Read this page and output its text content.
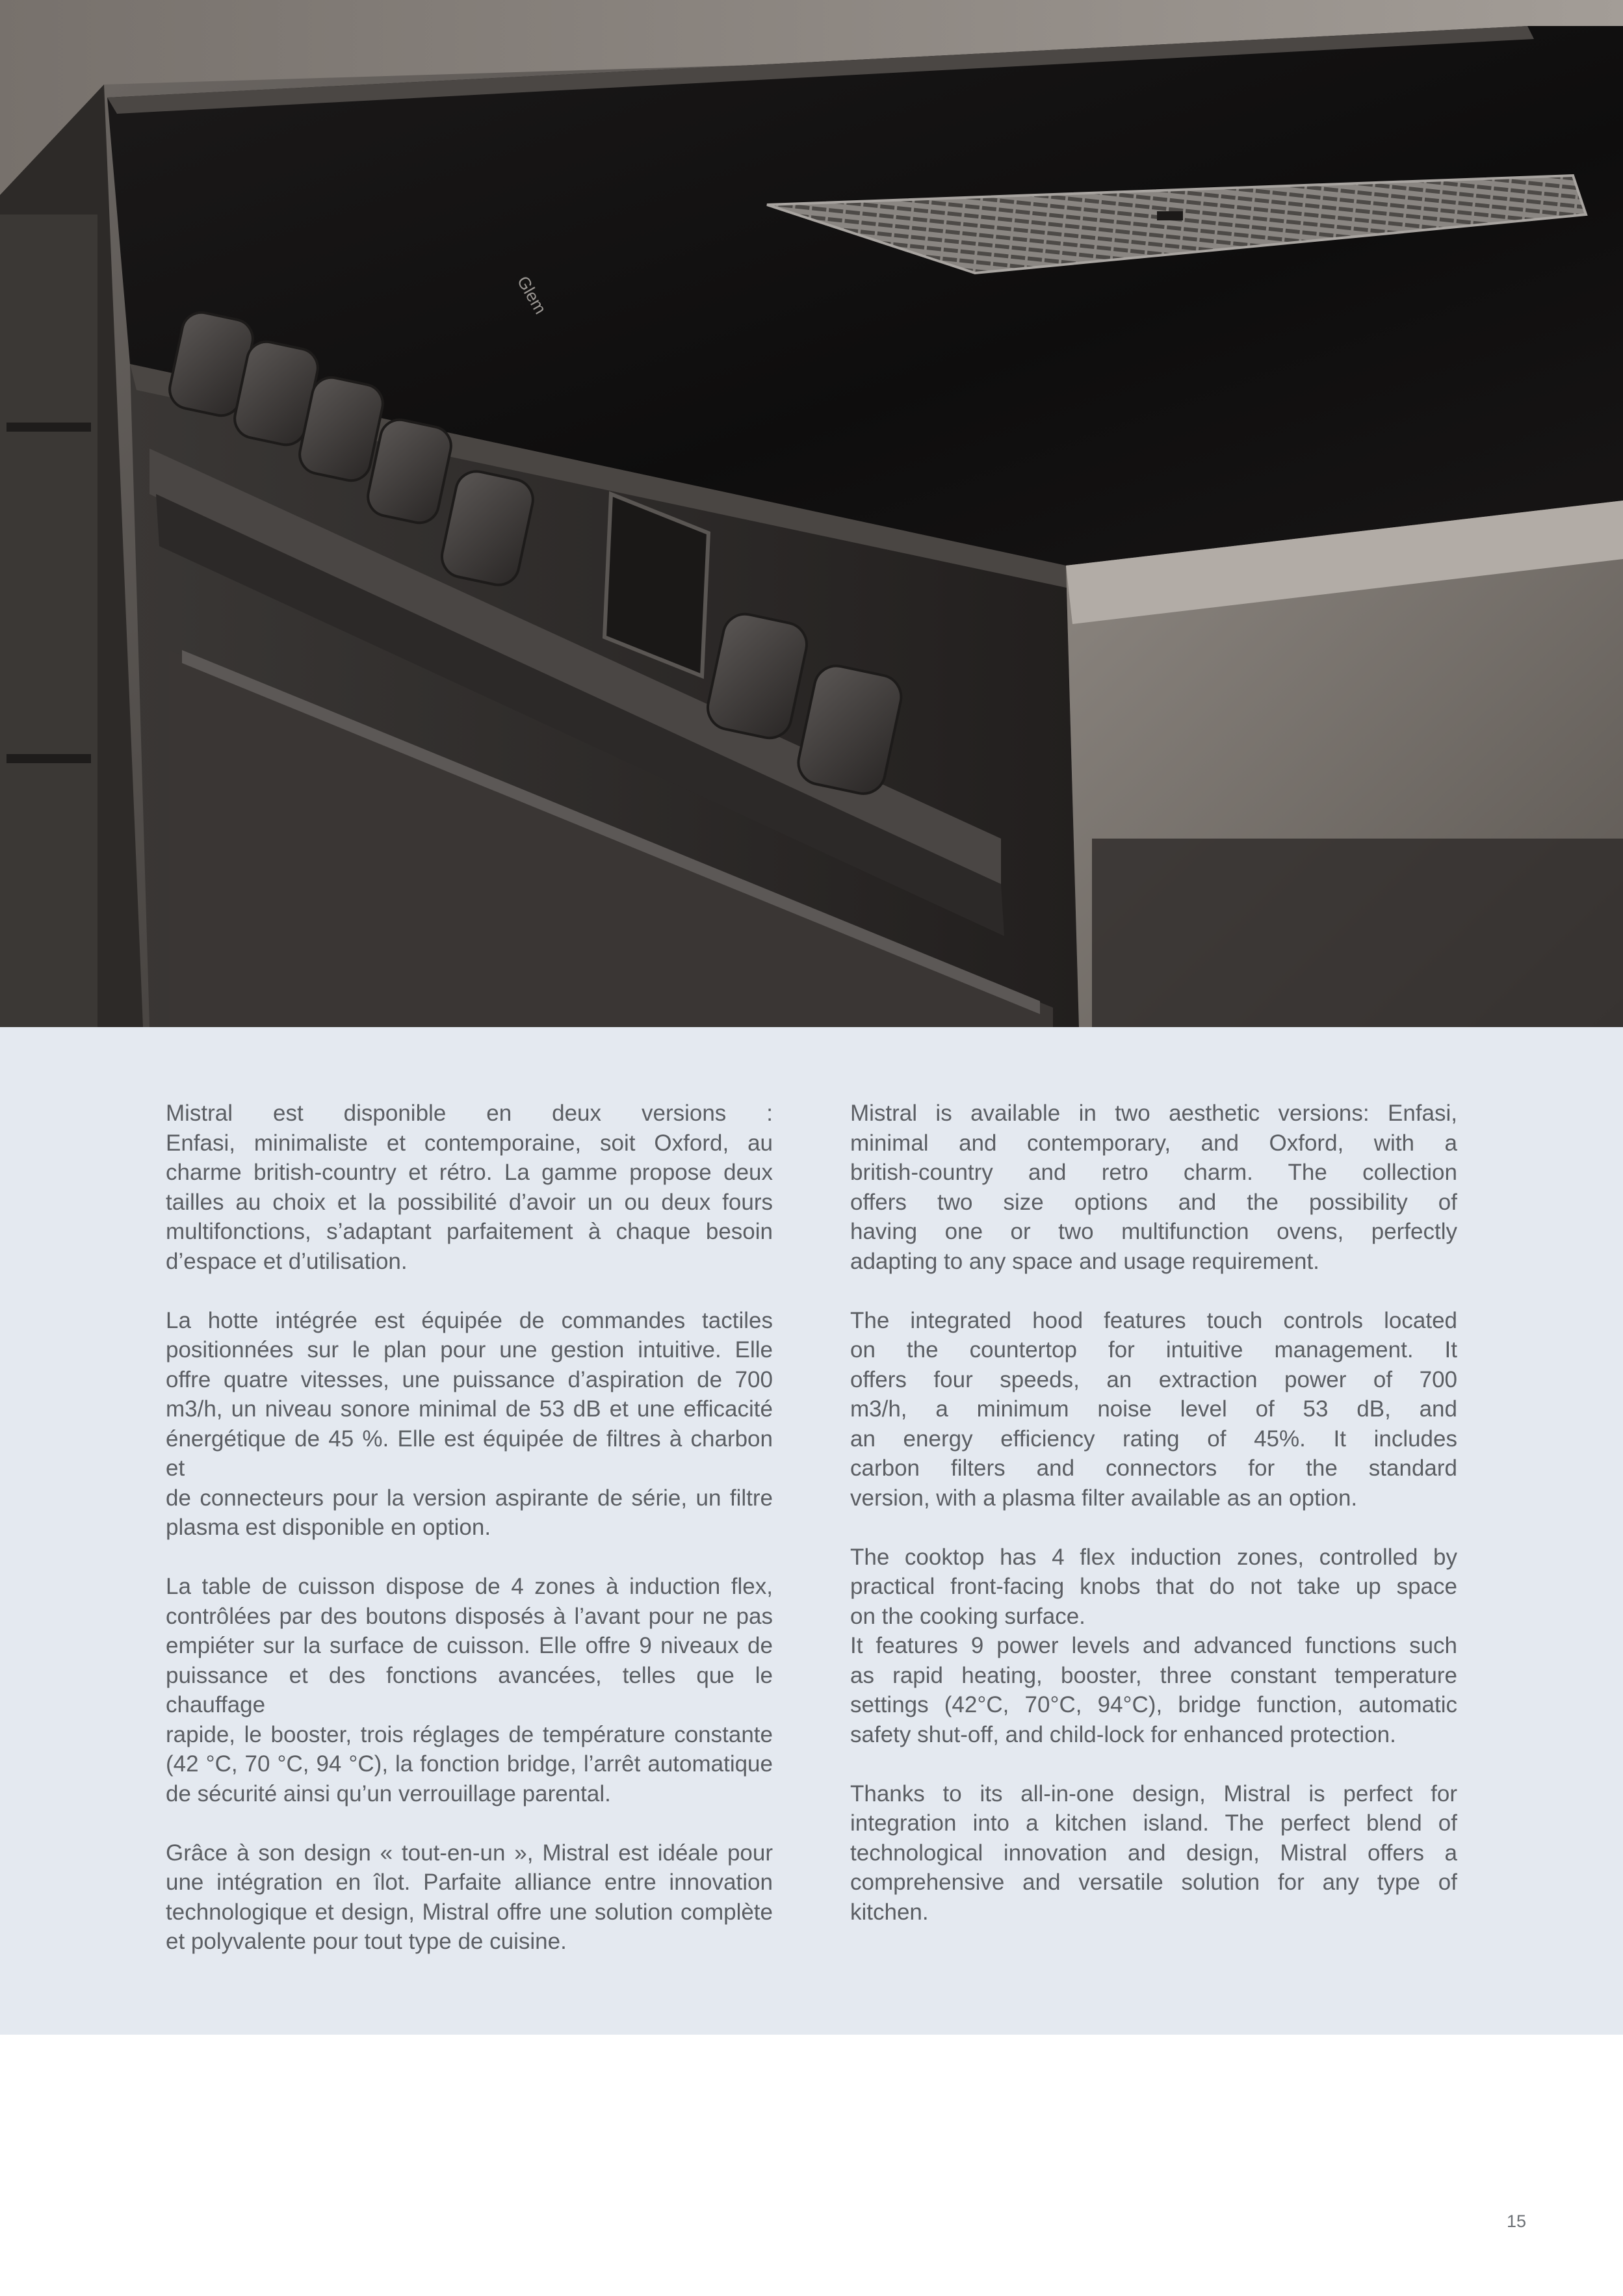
Glem

Mistral est disponible en deux versions :
Enfasi, minimaliste et contemporaine, soit Oxford, au
charme british-country et rétro. La gamme propose deux
tailles au choix et la possibilité d’avoir un ou deux fours
multifonctions, s’adaptant parfaitement à chaque besoin
d’espace et d’utilisation.

La hotte intégrée est équipée de commandes tactiles
positionnées sur le plan pour une gestion intuitive. Elle
offre quatre vitesses, une puissance d’aspiration de 700
m3/h, un niveau sonore minimal de 53 dB et une efficacité
énergétique de 45 %. Elle est équipée de filtres à charbon et
de connecteurs pour la version aspirante de série, un filtre
plasma est disponible en option.

La table de cuisson dispose de 4 zones à induction flex,
contrôlées par des boutons disposés à l’avant pour ne pas
empiéter sur la surface de cuisson. Elle offre 9 niveaux de
puissance et des fonctions avancées, telles que le chauffage
rapide, le booster, trois réglages de température constante
(42 °C, 70 °C, 94 °C), la fonction bridge, l’arrêt automatique
de sécurité ainsi qu’un verrouillage parental.

Grâce à son design « tout-en-un », Mistral est idéale pour
une intégration en îlot. Parfaite alliance entre innovation
technologique et design, Mistral offre une solution complète
et polyvalente pour tout type de cuisine.

Mistral is available in two aesthetic versions: Enfasi,
minimal and contemporary, and Oxford, with a
british-country and retro charm. The collection
offers two size options and the possibility of
having one or two multifunction ovens, perfectly
adapting to any space and usage requirement.

The integrated hood features touch controls located
on the countertop for intuitive management. It
offers four speeds, an extraction power of 700
m3/h, a minimum noise level of 53 dB, and
an energy efficiency rating of 45%. It includes
carbon filters and connectors for the standard
version, with a plasma filter available as an option.

The cooktop has 4 flex induction zones, controlled by
practical front-facing knobs that do not take up space
on the cooking surface.
It features 9 power levels and advanced functions such
as rapid heating, booster, three constant temperature
settings (42°C, 70°C, 94°C), bridge function, automatic
safety shut-off, and child-lock for enhanced protection.

Thanks to its all-in-one design, Mistral is perfect for
integration into a kitchen island. The perfect blend of
technological innovation and design, Mistral offers a
comprehensive and versatile solution for any type of
kitchen.

15
